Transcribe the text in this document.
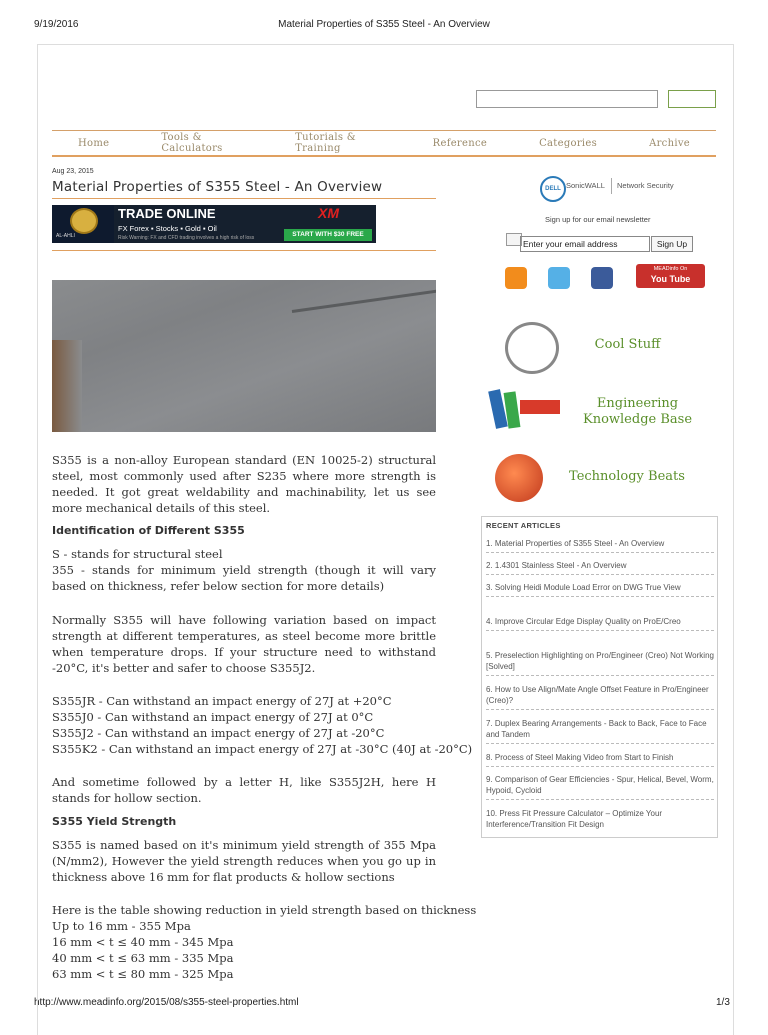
9/19/2016	Material Properties of S355 Steel - An Overview
http://www.meadinfo.org/2015/08/s355-steel-properties.html	1/3
Home	Tools & Calculators
Tutorials & Training	Reference	Categories	Archive
Aug 23, 2015
Material Properties of S355 Steel - An Overview
AL-AHLI
TRADE ONLINE
FX Forex ▪ Stocks ▪ Gold ▪ Oil
Risk Warning: FX and CFD trading involves a high risk of loss
XM
START WITH $30 FREE

S355 is a non-alloy European standard (EN 10025-2) structural steel, most commonly used after S235 where more strength is needed. It got great weldability and machinability, let us see more mechanical details of this steel.

Identification of Different S355
S - stands for structural steel

355 - stands for minimum yield strength (though it will vary based on thickness, refer below section for more details)

Normally S355 will have following variation based on impact strength at different temperatures, as steel become more brittle when temperature drops. If your structure need to withstand -20°C, it's better and safer to choose S355J2.

S355JR - Can withstand an impact energy of 27J at +20°C
S355J0 - Can withstand an impact energy of 27J at 0°C
S355J2 - Can withstand an impact energy of 27J at -20°C
S355K2 - Can withstand an impact energy of 27J at -30°C (40J at -20°C)

And sometime followed by a letter H, like S355J2H, here H stands for hollow section.

S355 Yield Strength

S355 is named based on it's minimum yield strength of 355 Mpa (N/mm2), However the yield strength reduces when you go up in thickness above 16 mm for flat products & hollow sections

Here is the table showing reduction in yield strength based on thickness
Up to 16 mm - 355 Mpa
16 mm < t ≤ 40 mm - 345 Mpa
40 mm < t ≤ 63 mm - 335 Mpa
63 mm < t ≤ 80 mm - 325 Mpa
DELL SonicWALL Network Security
Sign up for our email newsletter
Enter your email address	Sign Up
MEADinfo On
You Tube
Cool Stuff
Engineering Knowledge Base
Technology Beats
RECENT ARTICLES
1. Material Properties of S355 Steel - An Overview
2. 1.4301 Stainless Steel - An Overview
3. Solving Heidi Module Load Error on DWG True View
4. Improve Circular Edge Display Quality on ProE/Creo
5. Preselection Highlighting on Pro/Engineer (Creo) Not Working [Solved]
6. How to Use Align/Mate Angle Offset Feature in Pro/Engineer (Creo)?
7. Duplex Bearing Arrangements - Back to Back, Face to Face and Tandem
8. Process of Steel Making Video from Start to Finish
9. Comparison of Gear Efficiencies - Spur, Helical, Bevel, Worm, Hypoid, Cycloid
10. Press Fit Pressure Calculator – Optimize Your Interference/Transition Fit Design
